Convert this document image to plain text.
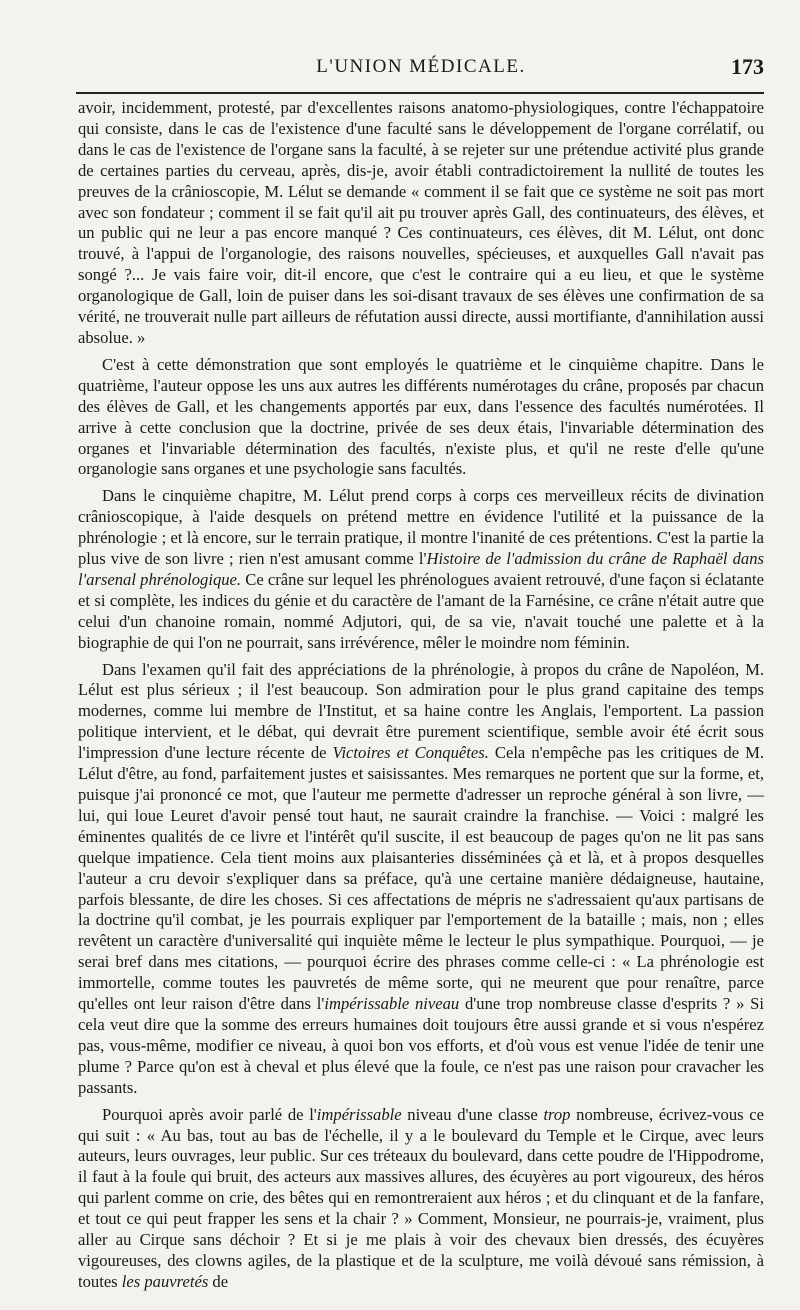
L'UNION MÉDICALE.	173

avoir, incidemment, protesté, par d'excellentes raisons anatomo-physiologiques, contre l'échappatoire qui consiste, dans le cas de l'existence d'une faculté sans le développement de l'organe corrélatif, ou dans le cas de l'existence de l'organe sans la faculté, à se rejeter sur une prétendue activité plus grande de certaines parties du cerveau, après, dis-je, avoir établi contradictoirement la nullité de toutes les preuves de la crânioscopie, M. Lélut se demande « comment il se fait que ce système ne soit pas mort avec son fondateur ; comment il se fait qu'il ait pu trouver après Gall, des continuateurs, des élèves, et un public qui ne leur a pas encore manqué ? Ces continuateurs, ces élèves, dit M. Lélut, ont donc trouvé, à l'appui de l'organologie, des raisons nouvelles, spécieuses, et auxquelles Gall n'avait pas songé ?... Je vais faire voir, dit-il encore, que c'est le contraire qui a eu lieu, et que le système organologique de Gall, loin de puiser dans les soi-disant travaux de ses élèves une confirmation de sa vérité, ne trouverait nulle part ailleurs de réfutation aussi directe, aussi mortifiante, d'annihilation aussi absolue. »

C'est à cette démonstration que sont employés le quatrième et le cinquième chapitre. Dans le quatrième, l'auteur oppose les uns aux autres les différents numérotages du crâne, proposés par chacun des élèves de Gall, et les changements apportés par eux, dans l'essence des facultés numérotées. Il arrive à cette conclusion que la doctrine, privée de ses deux étais, l'invariable détermination des organes et l'invariable détermination des facultés, n'existe plus, et qu'il ne reste d'elle qu'une organologie sans organes et une psychologie sans facultés.

Dans le cinquième chapitre, M. Lélut prend corps à corps ces merveilleux récits de divination crânioscopique, à l'aide desquels on prétend mettre en évidence l'utilité et la puissance de la phrénologie ; et là encore, sur le terrain pratique, il montre l'inanité de ces prétentions. C'est la partie la plus vive de son livre ; rien n'est amusant comme l'Histoire de l'admission du crâne de Raphaël dans l'arsenal phrénologique. Ce crâne sur lequel les phrénologues avaient retrouvé, d'une façon si éclatante et si complète, les indices du génie et du caractère de l'amant de la Farnésine, ce crâne n'était autre que celui d'un chanoine romain, nommé Adjutori, qui, de sa vie, n'avait touché une palette et à la biographie de qui l'on ne pourrait, sans irrévérence, mêler le moindre nom féminin.

Dans l'examen qu'il fait des appréciations de la phrénologie, à propos du crâne de Napoléon, M. Lélut est plus sérieux ; il l'est beaucoup. Son admiration pour le plus grand capitaine des temps modernes, comme lui membre de l'Institut, et sa haine contre les Anglais, l'emportent. La passion politique intervient, et le débat, qui devrait être purement scientifique, semble avoir été écrit sous l'impression d'une lecture récente de Victoires et Conquêtes. Cela n'empêche pas les critiques de M. Lélut d'être, au fond, parfaitement justes et saisissantes. Mes remarques ne portent que sur la forme, et, puisque j'ai prononcé ce mot, que l'auteur me permette d'adresser un reproche général à son livre, — lui, qui loue Leuret d'avoir pensé tout haut, ne saurait craindre la franchise. — Voici : malgré les éminentes qualités de ce livre et l'intérêt qu'il suscite, il est beaucoup de pages qu'on ne lit pas sans quelque impatience. Cela tient moins aux plaisanteries disséminées çà et là, et à propos desquelles l'auteur a cru devoir s'expliquer dans sa préface, qu'à une certaine manière dédaigneuse, hautaine, parfois blessante, de dire les choses. Si ces affectations de mépris ne s'adressaient qu'aux partisans de la doctrine qu'il combat, je les pourrais expliquer par l'emportement de la bataille ; mais, non ; elles revêtent un caractère d'universalité qui inquiète même le lecteur le plus sympathique. Pourquoi, — je serai bref dans mes citations, — pourquoi écrire des phrases comme celle-ci : « La phrénologie est immortelle, comme toutes les pauvretés de même sorte, qui ne meurent que pour renaître, parce qu'elles ont leur raison d'être dans l'impérissable niveau d'une trop nombreuse classe d'esprits ? » Si cela veut dire que la somme des erreurs humaines doit toujours être aussi grande et si vous n'espérez pas, vous-même, modifier ce niveau, à quoi bon vos efforts, et d'où vous est venue l'idée de tenir une plume ? Parce qu'on est à cheval et plus élevé que la foule, ce n'est pas une raison pour cravacher les passants.

Pourquoi après avoir parlé de l'impérissable niveau d'une classe trop nombreuse, écrivez-vous ce qui suit : « Au bas, tout au bas de l'échelle, il y a le boulevard du Temple et le Cirque, avec leurs auteurs, leurs ouvrages, leur public. Sur ces tréteaux du boulevard, dans cette poudre de l'Hippodrome, il faut à la foule qui bruit, des acteurs aux massives allures, des écuyères au port vigoureux, des héros qui parlent comme on crie, des bêtes qui en remontreraient aux héros ; et du clinquant et de la fanfare, et tout ce qui peut frapper les sens et la chair ? » Comment, Monsieur, ne pourrais-je, vraiment, plus aller au Cirque sans déchoir ? Et si je me plais à voir des chevaux bien dressés, des écuyères vigoureuses, des clowns agiles, de la plastique et de la sculpture, me voilà dévoué sans rémission, à toutes les pauvretés de
